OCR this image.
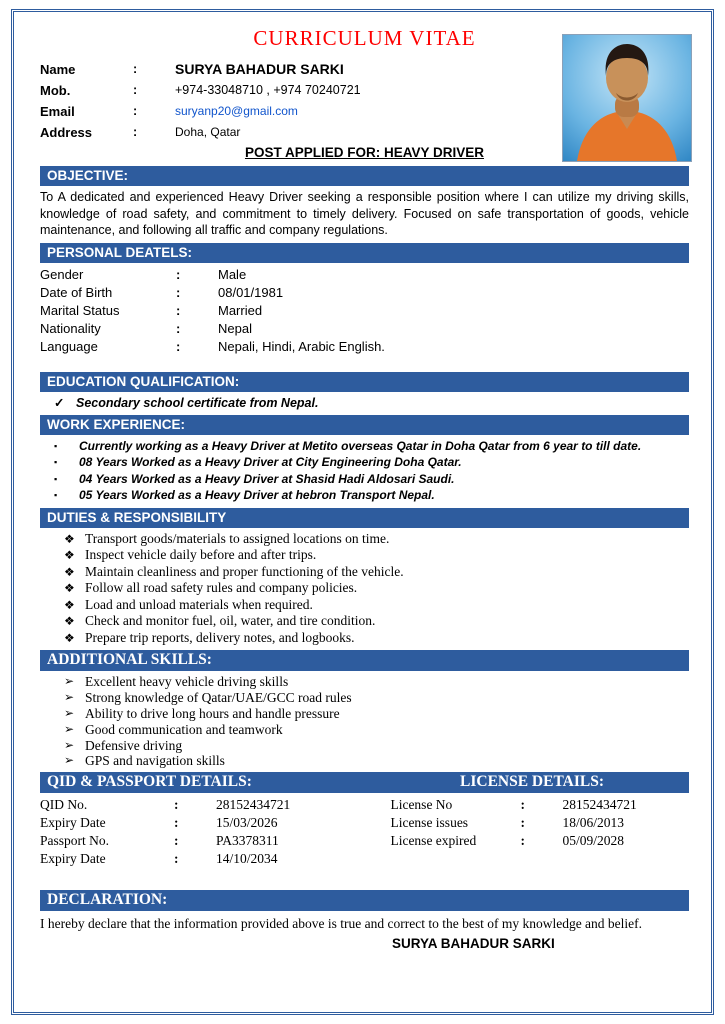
CURRICULUM VITAE
Name	:	SURYA BAHADUR SARKI
Mob.	:	+974-33048710 , +974 70240721
Email	:	suryanp20@gmail.com
Address	:	Doha, Qatar
POST APPLIED FOR: HEAVY DRIVER
OBJECTIVE:
To A dedicated and experienced Heavy Driver seeking a responsible position where I can utilize my driving skills, knowledge of road safety, and commitment to timely delivery. Focused on safe transportation of goods, vehicle maintenance, and following all traffic and company regulations.
PERSONAL DEATELS:
Gender	:	Male
Date of Birth	:	08/01/1981
Marital Status	:	Married
Nationality	:	Nepal
Language	:	Nepali, Hindi, Arabic English.
EDUCATION QUALIFICATION:
✓ Secondary school certificate from Nepal.
WORK EXPERIENCE:
▪	Currently working as a Heavy Driver at Metito overseas Qatar in Doha Qatar from 6 year to till date.
▪	08 Years Worked as a Heavy Driver at City Engineering Doha Qatar.
▪	04 Years Worked as a Heavy Driver at Shasid Hadi Aldosari Saudi.
▪	05 Years Worked as a Heavy Driver at hebron Transport Nepal.
DUTIES & RESPONSIBILITY
❖ Transport goods/materials to assigned locations on time.
❖ Inspect vehicle daily before and after trips.
❖ Maintain cleanliness and proper functioning of the vehicle.
❖ Follow all road safety rules and company policies.
❖ Load and unload materials when required.
❖ Check and monitor fuel, oil, water, and tire condition.
❖ Prepare trip reports, delivery notes, and logbooks.
ADDITIONAL SKILLS:
➢ Excellent heavy vehicle driving skills
➢ Strong knowledge of Qatar/UAE/GCC road rules
➢ Ability to drive long hours and handle pressure
➢ Good communication and teamwork
➢ Defensive driving
➢ GPS and navigation skills
QID & PASSPORT DETAILS:	LICENSE DETAILS:
QID No.	:	28152434721
Expiry Date	:	15/03/2026
Passport No.	:	PA3378311
Expiry Date	:	14/10/2034
License No	:	28152434721
License issues	:	18/06/2013
License expired	:	05/09/2028
DECLARATION:
I hereby declare that the information provided above is true and correct to the best of my knowledge and belief.
SURYA BAHADUR SARKI
